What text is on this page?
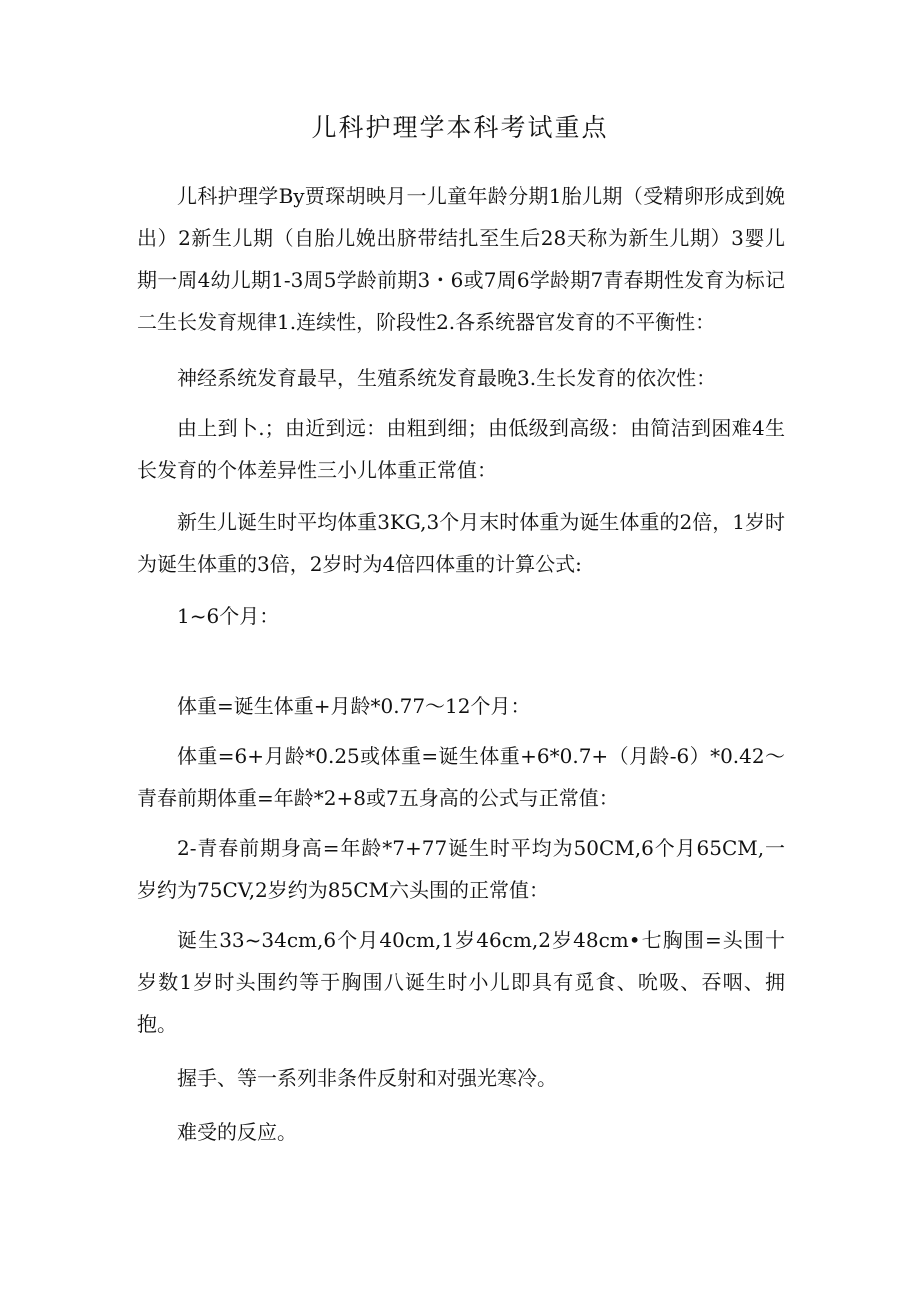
儿科护理学本科考试重点

儿科护理学By贾琛胡映月一儿童年龄分期1胎儿期（受精卵形成到娩出）2新生儿期（自胎儿娩出脐带结扎至生后28天称为新生儿期）3婴儿期一周4幼儿期1-3周5学龄前期3・6或7周6学龄期7青春期性发育为标记二生长发育规律1.连续性，阶段性2.各系统器官发育的不平衡性：

神经系统发育最早，生殖系统发育最晚3.生长发育的依次性：

由上到卜.；由近到远：由粗到细；由低级到高级：由简洁到困难4生长发育的个体差异性三小儿体重正常值：

新生儿诞生时平均体重3KG,3个月末时体重为诞生体重的2倍，1岁时为诞生体重的3倍，2岁时为4倍四体重的计算公式:

1~6个月：

体重=诞生体重+月龄*0.77～12个月：

体重=6+月龄*0.25或体重=诞生体重+6*0.7+（月龄-6）*0.42～青春前期体重=年龄*2+8或7五身高的公式与正常值：

2-青春前期身高=年龄*7+77诞生时平均为50CM,6个月65CM,一岁约为75CV,2岁约为85CM六头围的正常值：

诞生33~34cm,6个月40cm,1岁46cm,2岁48cm•七胸围=头围十岁数1岁时头围约等于胸围八诞生时小儿即具有觅食、吮吸、吞咽、拥抱。

握手、等一系列非条件反射和对强光寒冷。

难受的反应。
